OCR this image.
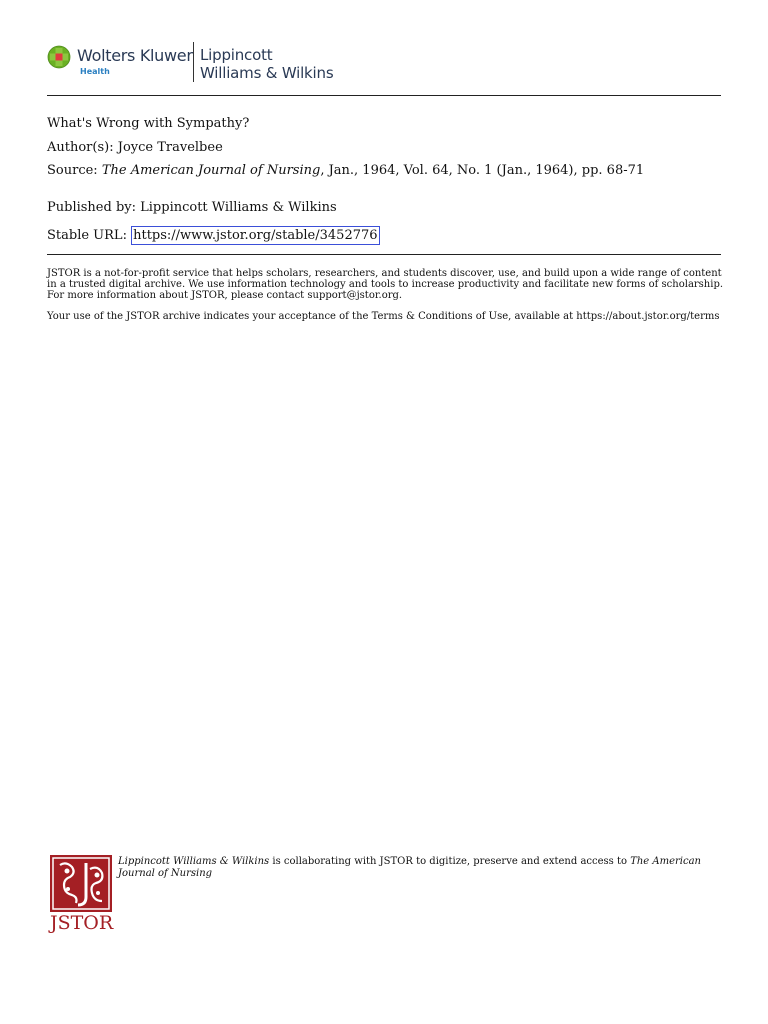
Wolters Kluwer
Health
Lippincott
Williams & Wilkins
What's Wrong with Sympathy?
Author(s): Joyce Travelbee
Source: The American Journal of Nursing, Jan., 1964, Vol. 64, No. 1 (Jan., 1964), pp. 68-71
Published by: Lippincott Williams & Wilkins
Stable URL: https://www.jstor.org/stable/3452776
JSTOR is a not-for-profit service that helps scholars, researchers, and students discover, use, and build upon a wide range of content in a trusted digital archive. We use information technology and tools to increase productivity and facilitate new forms of scholarship. For more information about JSTOR, please contact support@jstor.org.
Your use of the JSTOR archive indicates your acceptance of the Terms & Conditions of Use, available at https://about.jstor.org/terms
JSTOR
Lippincott Williams & Wilkins is collaborating with JSTOR to digitize, preserve and extend access to The American Journal of Nursing
